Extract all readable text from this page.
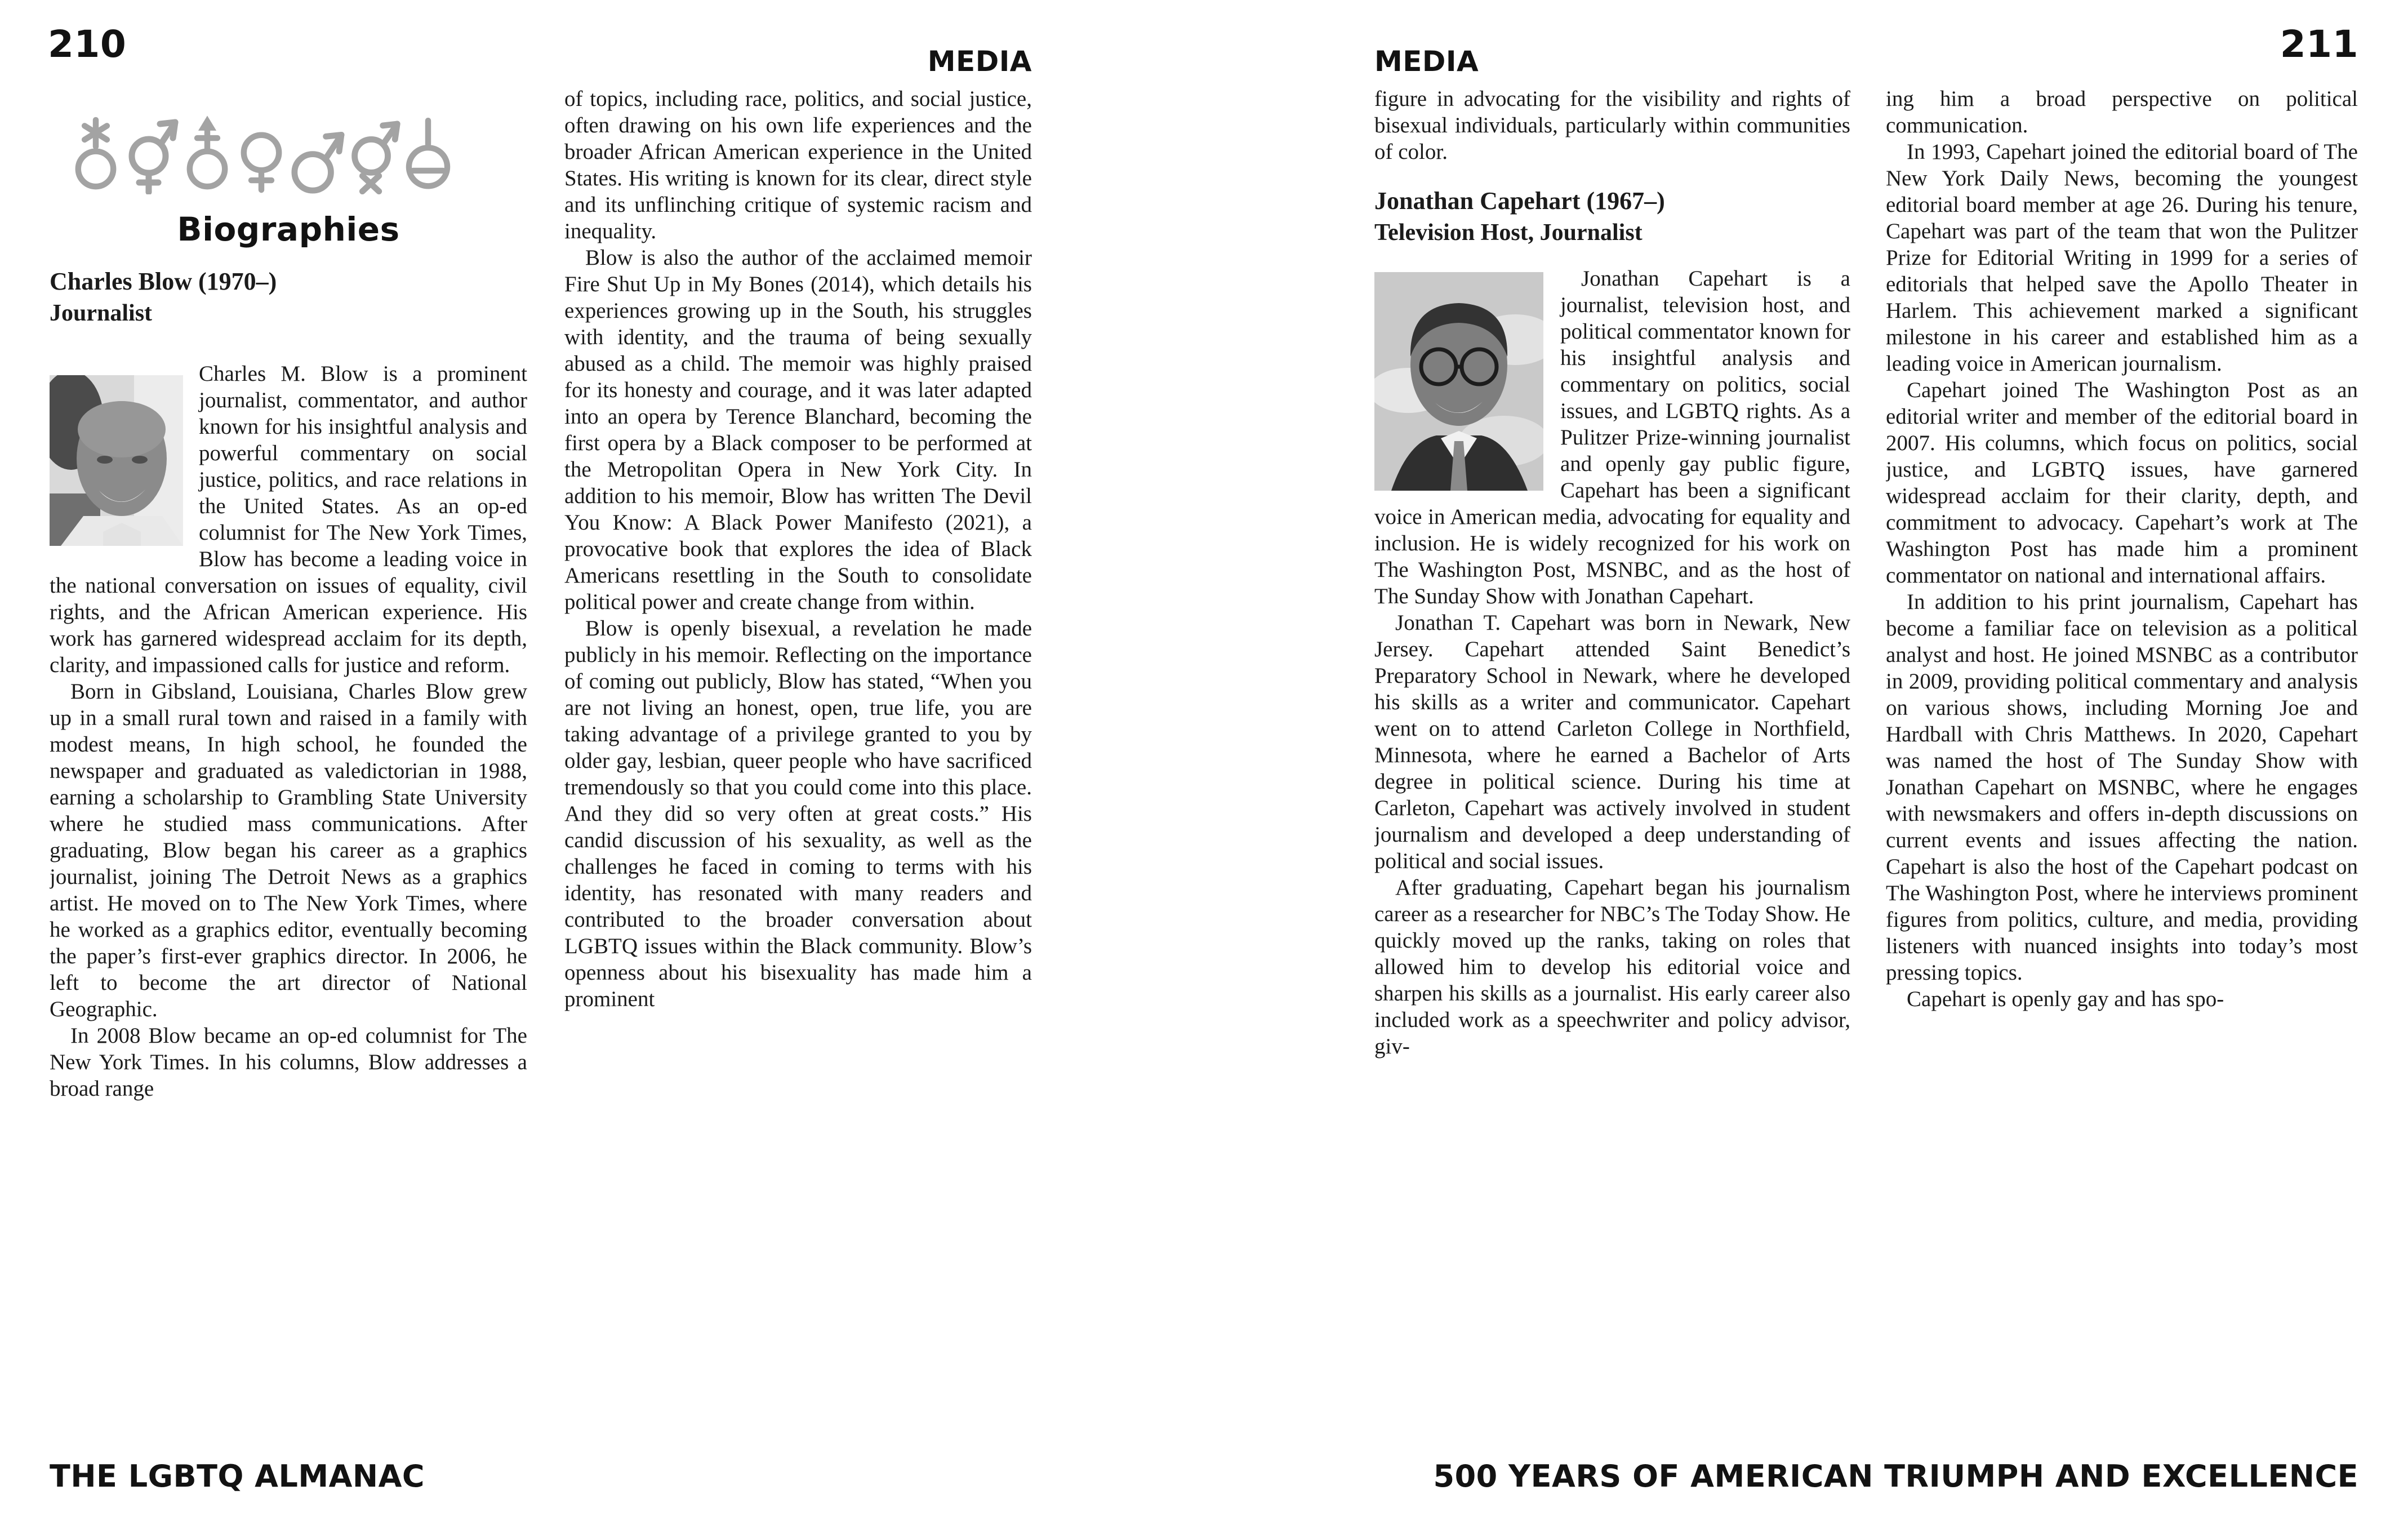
210
Biographies
Charles Blow (1970–)
Journalist

Charles M. Blow is a prominent journalist, commentator, and author known for his insightful analysis and powerful commentary on social justice, politics, and race relations in the United States. As an op-ed columnist for The New York Times, Blow has become a leading voice in the national conversation on issues of equality, civil rights, and the African American experience. His work has garnered widespread acclaim for its depth, clarity, and impassioned calls for justice and reform.

Born in Gibsland, Louisiana, Charles Blow grew up in a small rural town and raised in a family with modest means, In high school, he founded the newspaper and graduated as valedictorian in 1988, earning a scholarship to Grambling State University where he studied mass communications. After graduating, Blow began his career as a graphics journalist, joining The Detroit News as a graphics artist. He moved on to The New York Times, where he worked as a graphics editor, eventually becoming the paper’s first-ever graphics director. In 2006, he left to become the art director of National Geographic.

In 2008 Blow became an op-ed columnist for The New York Times. In his columns, Blow addresses a broad range

MEDIA

of topics, including race, politics, and social justice, often drawing on his own life experiences and the broader African American experience in the United States. His writing is known for its clear, direct style and its unflinching critique of systemic racism and inequality.

Blow is also the author of the acclaimed memoir Fire Shut Up in My Bones (2014), which details his experiences growing up in the South, his struggles with identity, and the trauma of being sexually abused as a child. The memoir was highly praised for its honesty and courage, and it was later adapted into an opera by Terence Blanchard, becoming the first opera by a Black composer to be performed at the Metropolitan Opera in New York City. In addition to his memoir, Blow has written The Devil You Know: A Black Power Manifesto (2021), a provocative book that explores the idea of Black Americans resettling in the South to consolidate political power and create change from within.

Blow is openly bisexual, a revelation he made publicly in his memoir. Reflecting on the importance of coming out publicly, Blow has stated, “When you are not living an honest, open, true life, you are taking advantage of a privilege granted to you by older gay, lesbian, queer people who have sacrificed tremendously so that you could come into this place. And they did so very often at great costs.” His candid discussion of his sexuality, as well as the challenges he faced in coming to terms with his identity, has resonated with many readers and contributed to the broader conversation about LGBTQ issues within the Black community. Blow’s openness about his bisexuality has made him a prominent

THE LGBTQ ALMANAC
211
MEDIA

figure in advocating for the visibility and rights of bisexual individuals, particularly within communities of color.

Jonathan Capehart (1967–)
Television Host, Journalist

Jonathan Capehart is a journalist, television host, and political commentator known for his insightful analysis and commentary on politics, social issues, and LGBTQ rights. As a Pulitzer Prize-winning journalist and openly gay public figure, Capehart has been a significant voice in American media, advocating for equality and inclusion. He is widely recognized for his work on The Washington Post, MSNBC, and as the host of The Sunday Show with Jonathan Capehart.

Jonathan T. Capehart was born in Newark, New Jersey. Capehart attended Saint Benedict’s Preparatory School in Newark, where he developed his skills as a writer and communicator. Capehart went on to attend Carleton College in Northfield, Minnesota, where he earned a Bachelor of Arts degree in political science. During his time at Carleton, Capehart was actively involved in student journalism and developed a deep understanding of political and social issues.

After graduating, Capehart began his journalism career as a researcher for NBC’s The Today Show. He quickly moved up the ranks, taking on roles that allowed him to develop his editorial voice and sharpen his skills as a journalist. His early career also included work as a speechwriter and policy advisor, giv-

ing him a broad perspective on political communication.

In 1993, Capehart joined the editorial board of The New York Daily News, becoming the youngest editorial board member at age 26. During his tenure, Capehart was part of the team that won the Pulitzer Prize for Editorial Writing in 1999 for a series of editorials that helped save the Apollo Theater in Harlem. This achievement marked a significant milestone in his career and established him as a leading voice in American journalism.

Capehart joined The Washington Post as an editorial writer and member of the editorial board in 2007. His columns, which focus on politics, social justice, and LGBTQ issues, have garnered widespread acclaim for their clarity, depth, and commitment to advocacy. Capehart’s work at The Washington Post has made him a prominent commentator on national and international affairs.

In addition to his print journalism, Capehart has become a familiar face on television as a political analyst and host. He joined MSNBC as a contributor in 2009, providing political commentary and analysis on various shows, including Morning Joe and Hardball with Chris Matthews. In 2020, Capehart was named the host of The Sunday Show with Jonathan Capehart on MSNBC, where he engages with newsmakers and offers in-depth discussions on current events and issues affecting the nation. Capehart is also the host of the Capehart podcast on The Washington Post, where he interviews prominent figures from politics, culture, and media, providing listeners with nuanced insights into today’s most pressing topics.

Capehart is openly gay and has spo-

500 YEARS OF AMERICAN TRIUMPH AND EXCELLENCE
